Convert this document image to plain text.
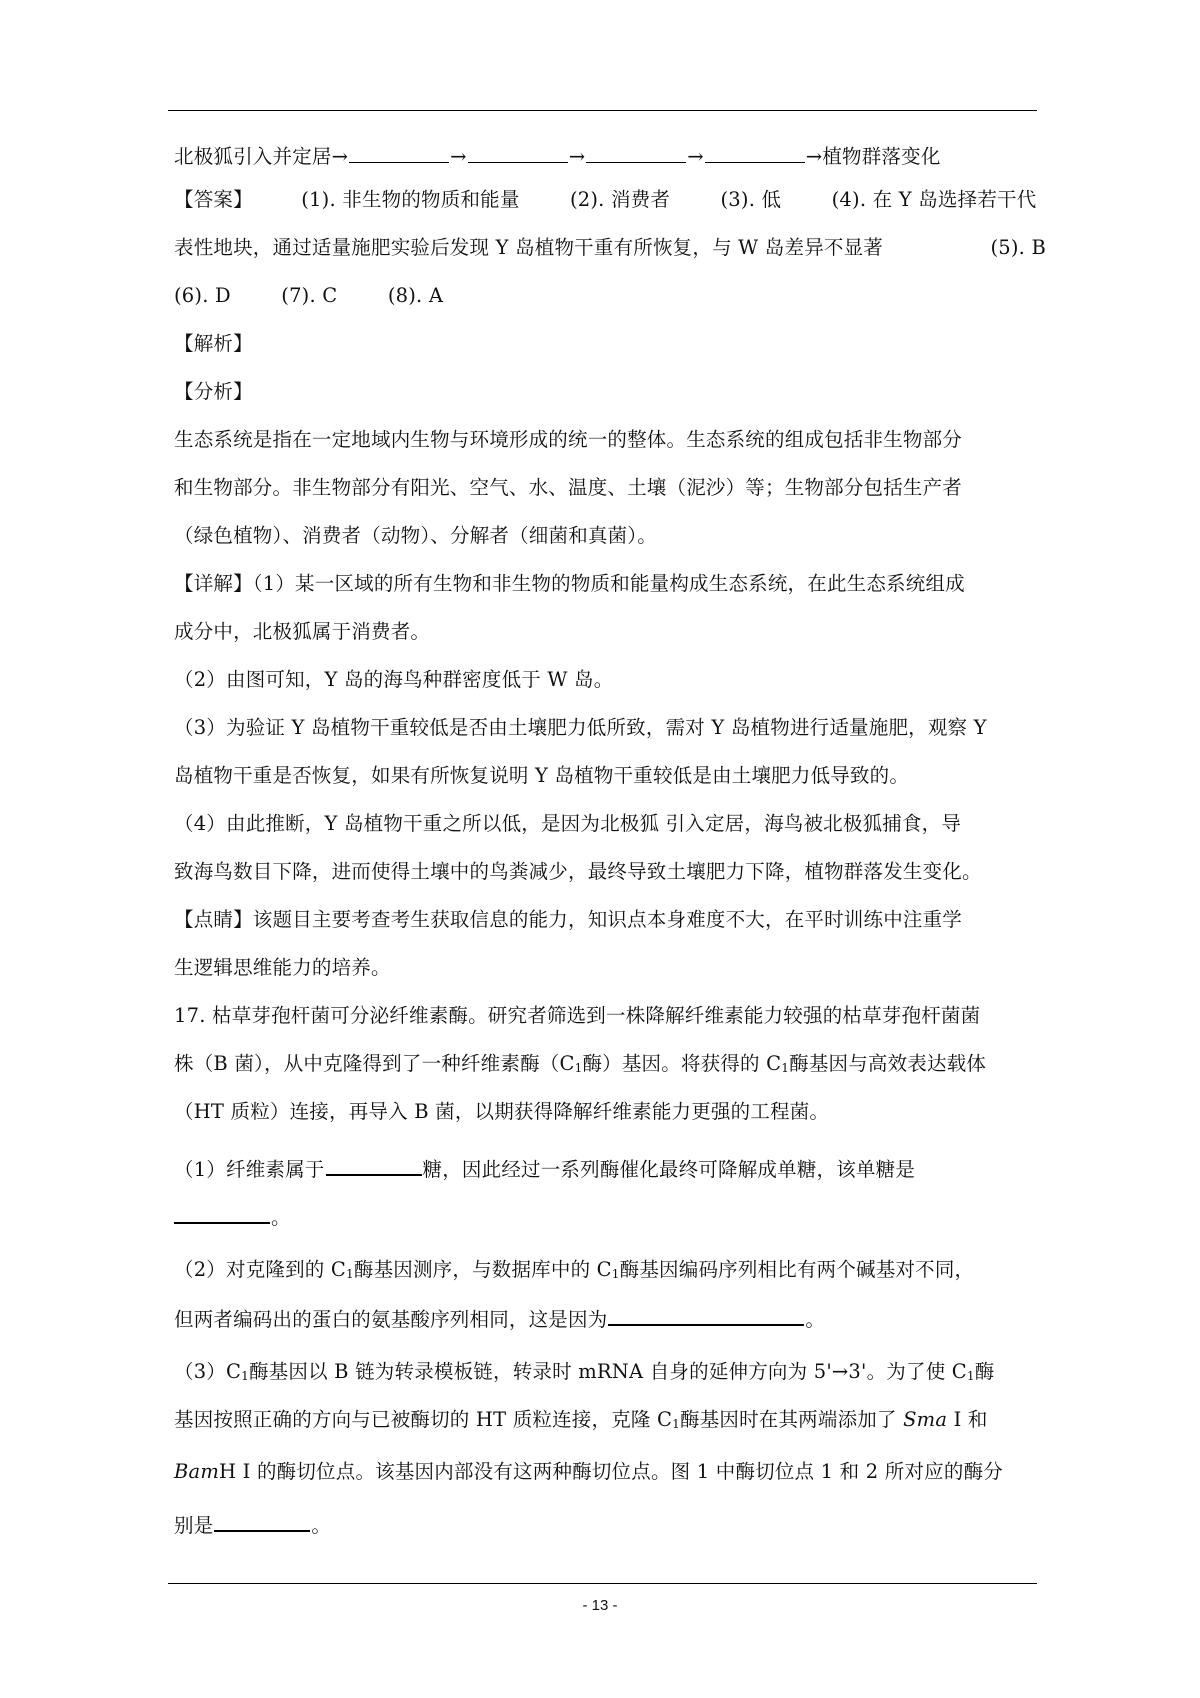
北极狐引入并定居→	→	→	→	→植物群落变化
【答案】 (1). 非生物的物质和能量	(2). 消费者	(3). 低	(4). 在 Y 岛选择若干代
表性地块，通过适量施肥实验后发现 Y 岛植物干重有所恢复，与 W 岛差异不显著	(5). B
(6). D	(7). C	(8). A
【解析】
【分析】
生态系统是指在一定地域内生物与环境形成的统一的整体。生态系统的组成包括非生物部分
和生物部分。非生物部分有阳光、空气、水、温度、土壤（泥沙）等；生物部分包括生产者
（绿色植物）、消费者（动物）、分解者（细菌和真菌）。
【详解】（1）某一区域的所有生物和非生物的物质和能量构成生态系统，在此生态系统组成
成分中，北极狐属于消费者。
（2）由图可知，Y 岛的海鸟种群密度低于 W 岛。
（3）为验证 Y 岛植物干重较低是否由土壤肥力低所致，需对 Y 岛植物进行适量施肥，观察 Y
岛植物干重是否恢复，如果有所恢复说明 Y 岛植物干重较低是由土壤肥力低导致的。
（4）由此推断，Y 岛植物干重之所以低，是因为北极狐 引入定居，海鸟被北极狐捕食，导
致海鸟数目下降，进而使得土壤中的鸟粪减少，最终导致土壤肥力下降，植物群落发生变化。
【点睛】该题目主要考查考生获取信息的能力，知识点本身难度不大，在平时训练中注重学
生逻辑思维能力的培养。
17. 枯草芽孢杆菌可分泌纤维素酶。研究者筛选到一株降解纤维素能力较强的枯草芽孢杆菌菌
株（B 菌），从中克隆得到了一种纤维素酶（$C_1$酶）基因。将获得的 $C_1$酶基因与高效表达载体
（HT 质粒）连接，再导入 B 菌，以期获得降解纤维素能力更强的工程菌。
（1）纤维素属于	糖，因此经过一系列酶催化最终可降解成单糖，该单糖是
。
（2）对克隆到的 $C_1$酶基因测序，与数据库中的 $C_1$酶基因编码序列相比有两个碱基对不同，
但两者编码出的蛋白的氨基酸序列相同，这是因为	。
$(3)C_1$酶基因以 B 链为转录模板链，转录时 mRNA 自身的延伸方向为 5'→3'。为了使 $C_1$酶
基因按照正确的方向与已被酶切的 HT 质粒连接，克隆 $C_1$酶基因时在其两端添加了 Sma I 和
BamH I 的酶切位点。该基因内部没有这两种酶切位点。图 1 中酶切位点 1 和 2 所对应的酶分
别是	。
- 13 -
